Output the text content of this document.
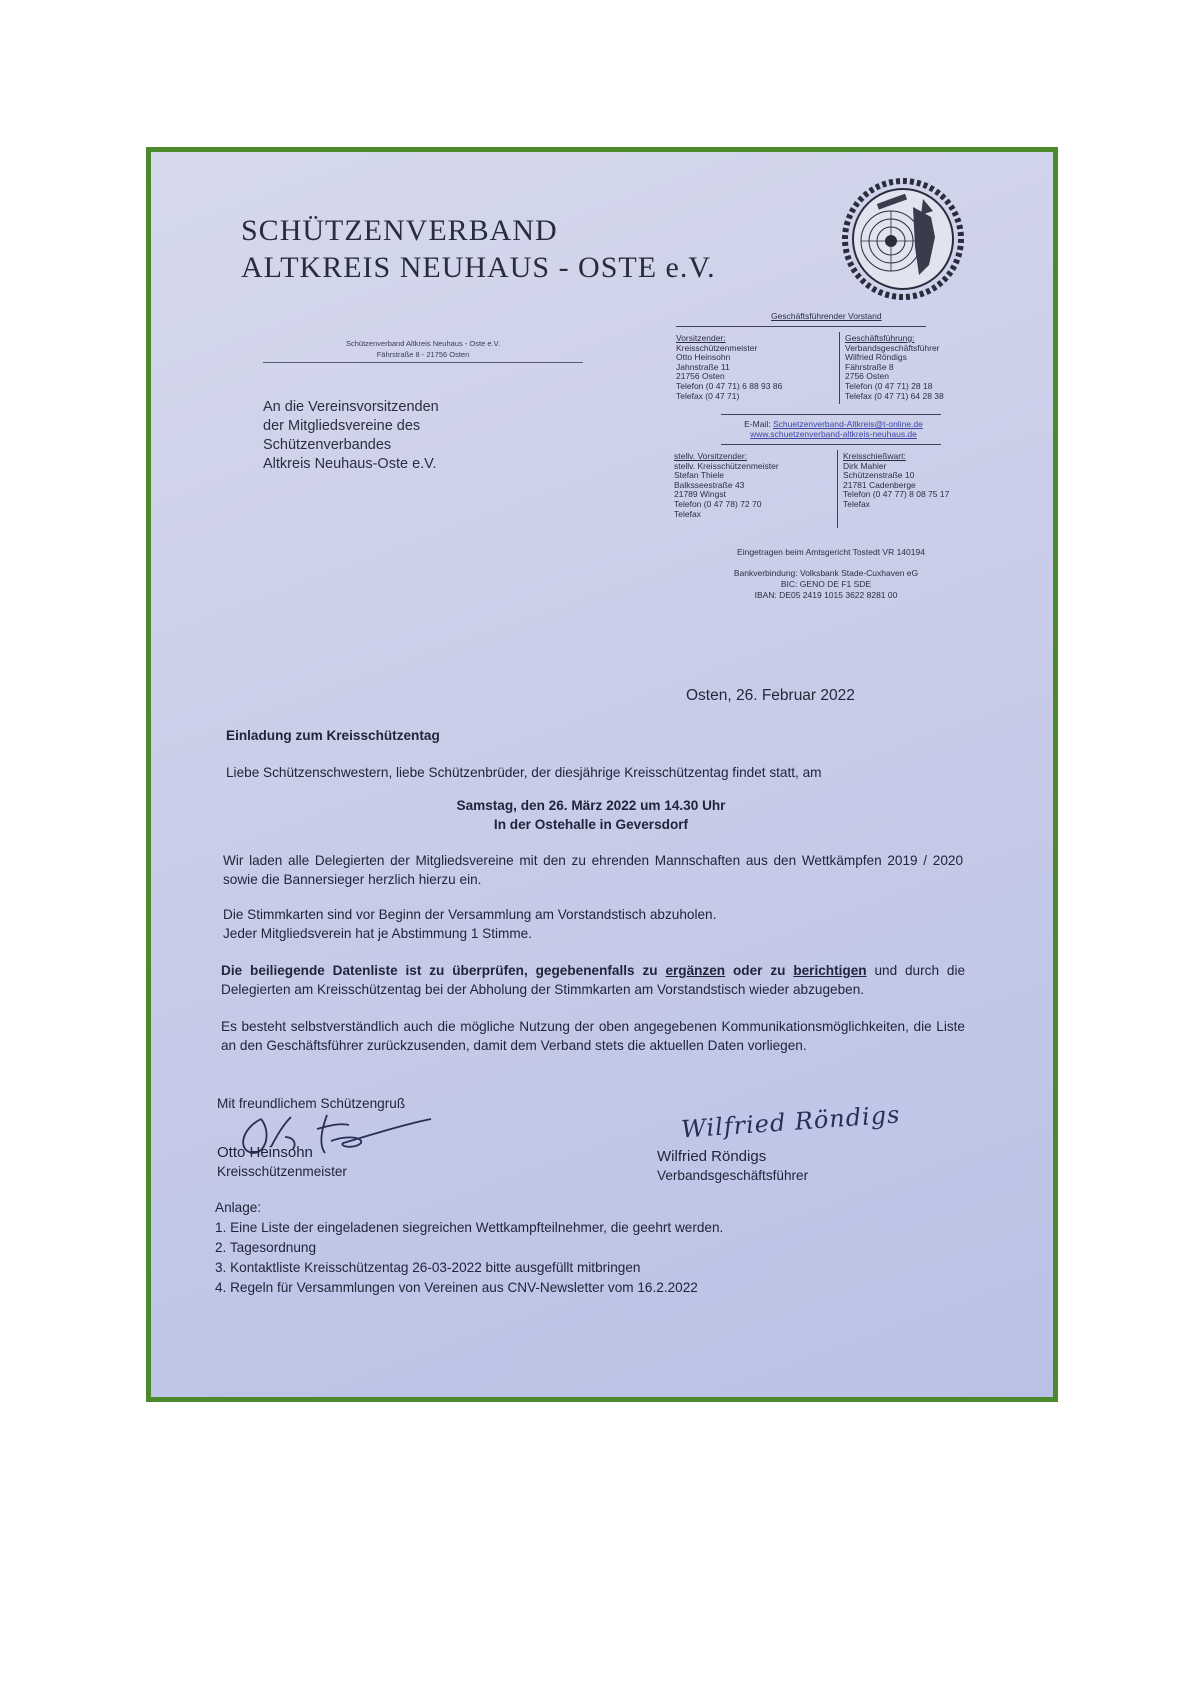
SCHÜTZENVERBAND
ALTKREIS NEUHAUS - OSTE e.V.
Schützenverband Altkreis Neuhaus - Oste e.V.
Fährstraße 8 - 21756 Osten
An die Vereinsvorsitzenden
der Mitgliedsvereine des
Schützenverbandes
Altkreis Neuhaus-Oste e.V.
Geschäftsführender Vorstand
Vorsitzender:
Kreisschützenmeister
Otto Heinsohn
Jahnstraße 11
21756 Osten
Telefon (0 47 71) 6 88 93 86
Telefax (0 47 71)
Geschäftsführung:
Verbandsgeschäftsführer
Wilfried Röndigs
Fährstraße 8
2756 Osten
Telefon (0 47 71) 28 18
Telefax (0 47 71) 64 28 38
E-Mail: Schuetzenverband-Altkreis@t-online.de
www.schuetzenverband-altkreis-neuhaus.de
stellv. Vorsitzender:
stellv. Kreisschützenmeister
Stefan Thiele
Balksseestraße 43
21789 Wingst
Telefon (0 47 78) 72 70
Telefax
Kreisschießwart:
Dirk Mahler
Schützenstraße 10
21781 Cadenberge
Telefon (0 47 77) 8 08 75 17
Telefax
Eingetragen beim Amtsgericht Tostedt VR 140194
Bankverbindung: Volksbank Stade-Cuxhaven eG
BIC: GENO DE F1 SDE
IBAN: DE05 2419 1015 3622 8281 00
Osten, 26. Februar 2022
Einladung zum Kreisschützentag
Liebe Schützenschwestern, liebe Schützenbrüder, der diesjährige Kreisschützentag findet statt, am
Samstag, den 26. März 2022 um 14.30 Uhr
In der Ostehalle in Geversdorf
Wir laden alle Delegierten der Mitgliedsvereine mit den zu ehrenden Mannschaften aus den Wettkämpfen 2019 / 2020 sowie die Bannersieger herzlich hierzu ein.
Die Stimmkarten sind vor Beginn der Versammlung am Vorstandstisch abzuholen.
Jeder Mitgliedsverein hat je Abstimmung 1 Stimme.
Die beiliegende Datenliste ist zu überprüfen, gegebenenfalls zu ergänzen oder zu berichtigen und durch die Delegierten am Kreisschützentag bei der Abholung der Stimmkarten am Vorstandstisch wieder abzugeben.
Es besteht selbstverständlich auch die mögliche Nutzung der oben angegebenen Kommunikationsmöglichkeiten, die Liste an den Geschäftsführer zurückzusenden, damit dem Verband stets die aktuellen Daten vorliegen.
Mit freundlichem Schützengruß
Otto Heinsohn
Kreisschützenmeister
Wilfried Röndigs
Wilfried Röndigs
Verbandsgeschäftsführer
Anlage:
1. Eine Liste der eingeladenen siegreichen Wettkampfteilnehmer, die geehrt werden.
2. Tagesordnung
3. Kontaktliste Kreisschützentag 26-03-2022 bitte ausgefüllt mitbringen
4. Regeln für Versammlungen von Vereinen aus CNV-Newsletter vom 16.2.2022
